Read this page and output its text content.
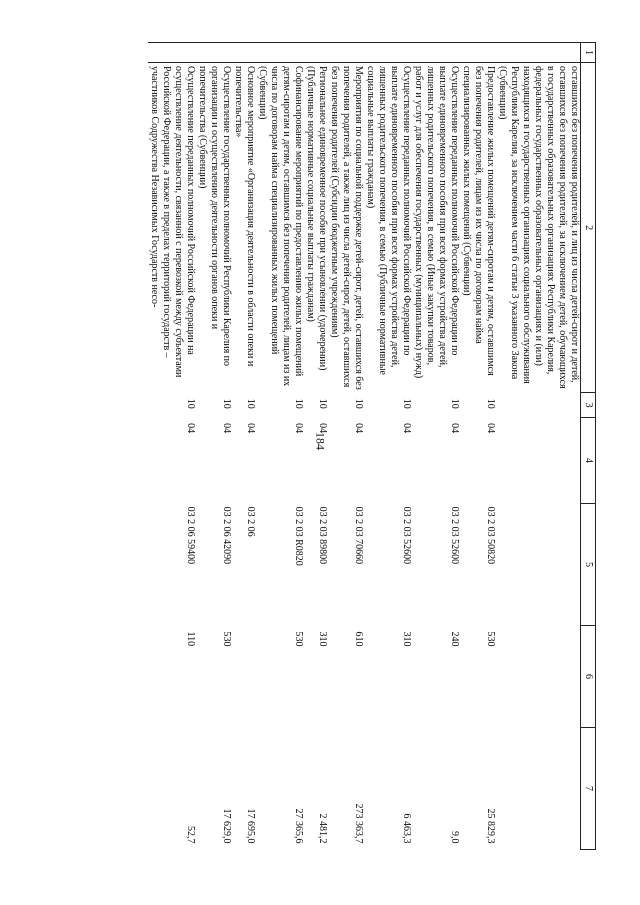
184
1	2	3	4	5	6	7
	оставшихся без попечения родителей, и лиц из числа детей-сирот и детей, оставшихся без попечения родителей, за исключением детей, обучающихся в государственных образовательных организациях Республики Карелия, федеральных государственных образовательных организациях и (или) находящихся в государственных организациях социального обслуживания Республики Карелия, за исключением части 6 статьи 3 указанного Закона (Субвенции)					
	Предоставление жилых помещений детям-сиротам и детям, оставшимся без попечения родителей, лицам из их числа по договорам найма специализированных жилых помещений (Субвенции)	10	04	03 2 03 50820	530	25 829,3
	Осуществление переданных полномочий Российской Федерации по выплате единовременного пособия при всех формах устройства детей, лишенных родительского попечения, в семью (Иные закупки товаров, работ и услуг для обеспечения государственных (муниципальных) нужд)	10	04	03 2 03 52600	240	9,0
	Осуществление переданных полномочий Российской Федерации по выплате единовременного пособия при всех формах устройства детей, лишенных родительского попечения, в семью (Публичные нормативные социальные выплаты гражданам)	10	04	03 2 03 52600	310	6 463,3
	Мероприятия по социальной поддержке детей-сирот, детей, оставшихся без попечения родителей, а также лиц из числа детей-сирот, детей, оставшихся без попечения родителей (Субсидии бюджетным учреждениям)	10	04	03 2 03 70660	610	273 363,7
	Региональное единовременное пособие при усыновлении (удочерении) (Публичные нормативные социальные выплаты гражданам)	10	04	03 2 03 89800	310	2 481,2
	Софинансирование мероприятий по предоставлению жилых помещений детям-сиротам и детям, оставшимся без попечения родителей, лицам из их числа по договорам найма специализированных жилых помещений (Субвенции)	10	04	03 2 03 R0820	530	27 365,6
	Основное мероприятие «Организация деятельности в области опеки и попечительства»	10	04	03 2 06		17 695,0
	Осуществление государственных полномочий Республики Карелия по организации и осуществлению деятельности органов опеки и попечительства (Субвенции)	10	04	03 2 06 42090	530	17 629,0
	Осуществление переданных полномочий Российской Федерации на осуществление деятельности, связанной с перевозкой между субъектами Российской Федерации, а также в пределах территорий государств – участников Содружества Независимых Государств несо-	10	04	03 2 06 59400	110	52,7
